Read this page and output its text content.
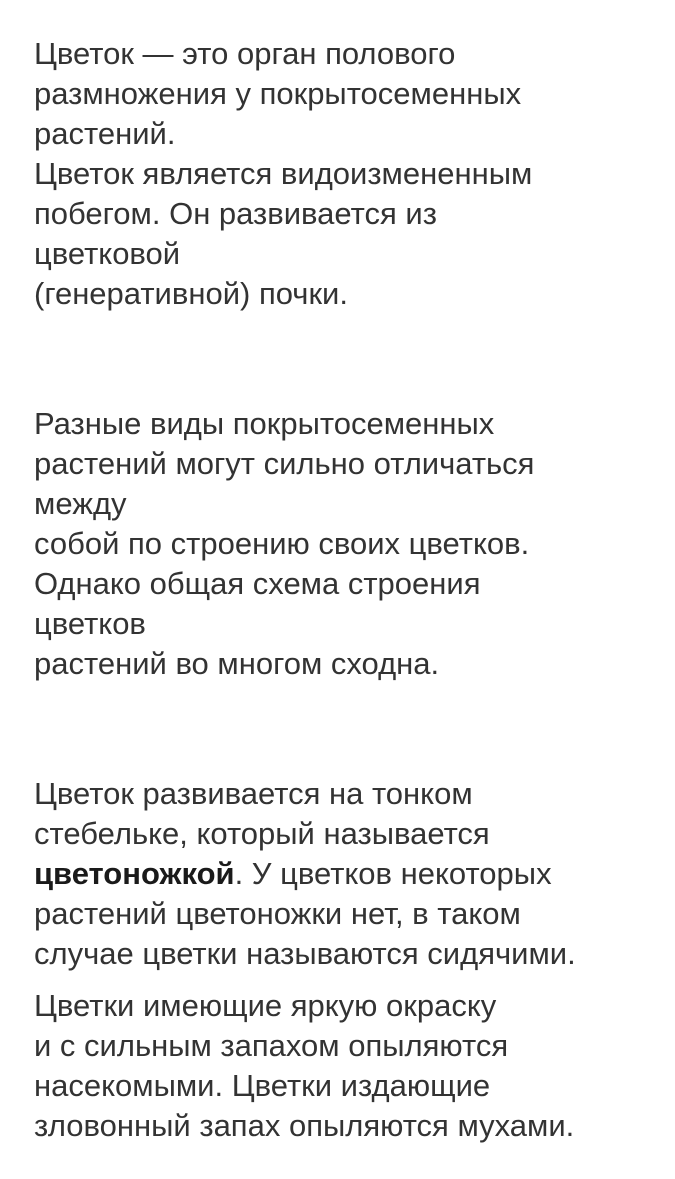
Цветок — это орган полового
размножения у покрытосеменных
растений.
Цветок является видоизмененным
побегом. Он развивается из
цветковой
(генеративной) почки.
Разные виды покрытосеменных
растений могут сильно отличаться
между
собой по строению своих цветков.
Однако общая схема строения
цветков
растений во многом сходна.
Цветок развивается на тонком
стебельке, который называется
цветоножкой. У цветков некоторых
растений цветоножки нет, в таком
случае цветки называются сидячими.
Цветки имеющие яркую окраску
и с сильным запахом опыляются
насекомыми. Цветки издающие
зловонный запах опыляются мухами.
